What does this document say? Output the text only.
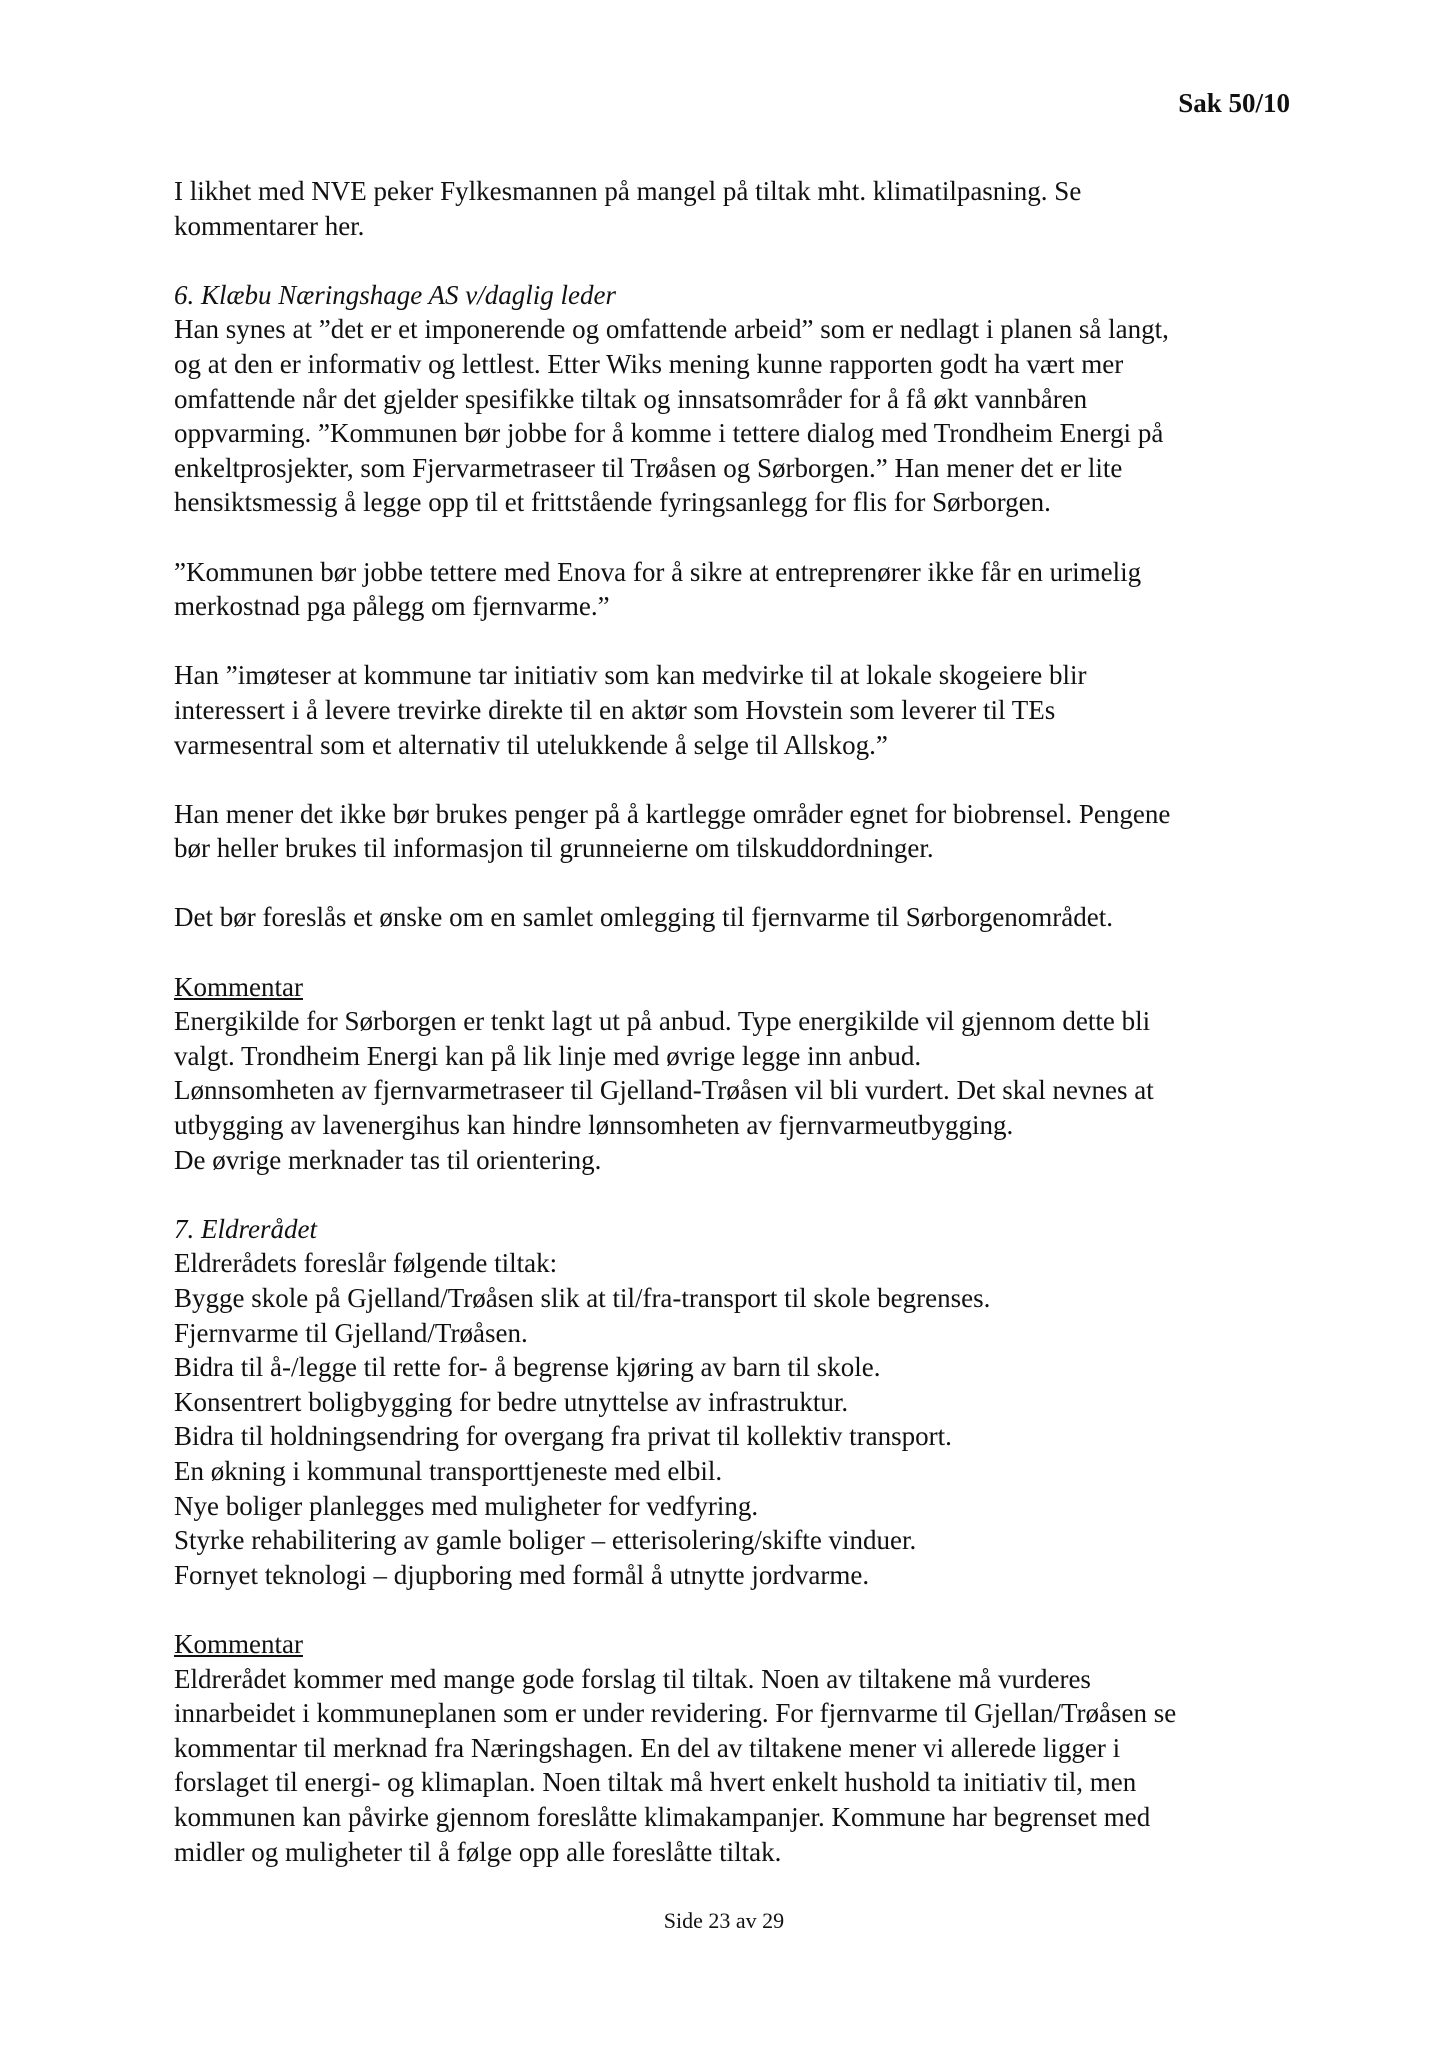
Sak 50/10

I likhet med NVE peker Fylkesmannen på mangel på tiltak mht. klimatilpasning. Se
kommentarer her.

6. Klæbu Næringshage AS v/daglig leder
Han synes at ”det er et imponerende og omfattende arbeid” som er nedlagt i planen så langt,
og at den er informativ og lettlest. Etter Wiks mening kunne rapporten godt ha vært mer
omfattende når det gjelder spesifikke tiltak og innsatsområder for å få økt vannbåren
oppvarming. ”Kommunen bør jobbe for å komme i tettere dialog med Trondheim Energi på
enkeltprosjekter, som Fjervarmetraseer til Trøåsen og Sørborgen.” Han mener det er lite
hensiktsmessig å legge opp til et frittstående fyringsanlegg for flis for Sørborgen.

”Kommunen bør jobbe tettere med Enova for å sikre at entreprenører ikke får en urimelig
merkostnad pga pålegg om fjernvarme.”

Han ”imøteser at kommune tar initiativ som kan medvirke til at lokale skogeiere blir
interessert i å levere trevirke direkte til en aktør som Hovstein som leverer til TEs
varmesentral som et alternativ til utelukkende å selge til Allskog.”

Han mener det ikke bør brukes penger på å kartlegge områder egnet for biobrensel. Pengene
bør heller brukes til informasjon til grunneierne om tilskuddordninger.

Det bør foreslås et ønske om en samlet omlegging til fjernvarme til Sørborgenområdet.

Kommentar
Energikilde for Sørborgen er tenkt lagt ut på anbud. Type energikilde vil gjennom dette bli
valgt. Trondheim Energi kan på lik linje med øvrige legge inn anbud.
Lønnsomheten av fjernvarmetraseer til Gjelland-Trøåsen vil bli vurdert. Det skal nevnes at
utbygging av lavenergihus kan hindre lønnsomheten av fjernvarmeutbygging.
De øvrige merknader tas til orientering.

7. Eldrerådet
Eldrerådets foreslår følgende tiltak:
Bygge skole på Gjelland/Trøåsen slik at til/fra-transport til skole begrenses.
Fjernvarme til Gjelland/Trøåsen.
Bidra til å-/legge til rette for- å begrense kjøring av barn til skole.
Konsentrert boligbygging for bedre utnyttelse av infrastruktur.
Bidra til holdningsendring for overgang fra privat til kollektiv transport.
En økning i kommunal transporttjeneste med elbil.
Nye boliger planlegges med muligheter for vedfyring.
Styrke rehabilitering av gamle boliger – etterisolering/skifte vinduer.
Fornyet teknologi – djupboring med formål å utnytte jordvarme.

Kommentar
Eldrerådet kommer med mange gode forslag til tiltak. Noen av tiltakene må vurderes
innarbeidet i kommuneplanen som er under revidering. For fjernvarme til Gjellan/Trøåsen se
kommentar til merknad fra Næringshagen. En del av tiltakene mener vi allerede ligger i
forslaget til energi- og klimaplan. Noen tiltak må hvert enkelt hushold ta initiativ til, men
kommunen kan påvirke gjennom foreslåtte klimakampanjer. Kommune har begrenset med
midler og muligheter til å følge opp alle foreslåtte tiltak.

Side 23 av 29
